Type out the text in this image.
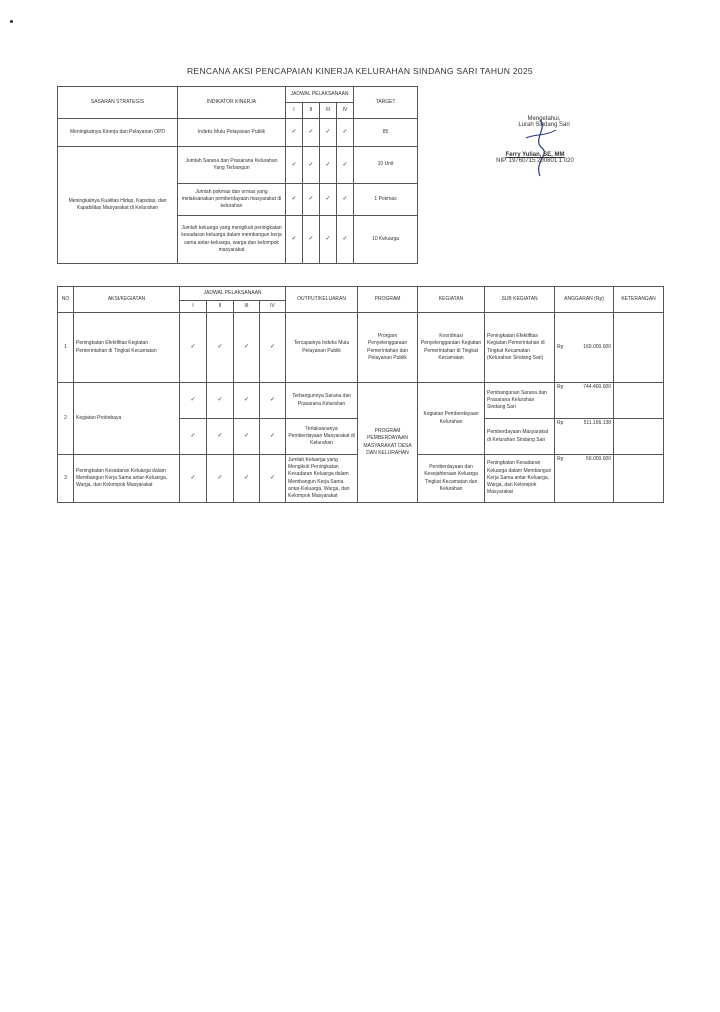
RENCANA AKSI PENCAPAIAN KINERJA KELURAHAN SINDANG SARI TAHUN 2025
SASARAN STRATEGIS	INDIKATOR KINERJA	JADWAL PELAKSANAAN				TARGET
		I	II	III	IV	
Meningkatnya Kinerja dan Pelayanan OPD	Indeks Mutu Pelayanan Publik	✓	✓	✓	✓	85
Meningkatnya Kualitas Hidup, Kapsitas, dan Kapabilitas Masyarakat di Kelurahan	Jumlah Sarana dan Prasarana Kelurahan Yang Terbangun	✓	✓	✓	✓	10 Unit
	Jumlah pokmas dan ormas yang melaksanakan pemberdayaan masyarakat di kelurahan	✓	✓	✓	✓	1 Pokmas
	Jumlah keluarga yang mengikuti peningkatan kesadaran keluarga dalam membangun kerja sama antar-keluarga, warga dan kelompok masyarakat	✓	✓	✓	✓	10 Keluarga
Mengetahui,
Lurah Sindang Sari
Ferry Yulian, SE, MM
NIP. 19760715 200801 1 020
NO	AKSI/KEGIATAN	JADWAL PELAKSANAAN				OUTPUT/KELUARAN	PROGRAM	KEGIATAN	SUB KEGIATAN	ANGGARAN (Rp)	KETERANGAN
		I	II	III	IV						
1	Peningkatan Efektifitas Kegiatan Pemerintahan di Tingkat Kecamatan	✓	✓	✓	✓	Tercapainya Indeks Mutu Pelayanan Publik	Prorgam Penyelenggaraan Pemerintahan dan Pelayanan Publik	Koordinasi Penyelenggaraan Kegiatan Pemerintahan di Tingkat Kecamatan	Peningkatan Efektifitas Kegiatan Pemerintahan di Tingkat Kecamatan (Kelurahan Sindang Sari)	Rp 160.000.000	

2	Kegiatan Probebaya	✓	✓	✓	✓	Terbangunnya Sarana dan Prasarana Kelurahan	PROGRAM PEMBERDAYAAN MASYARAKAT DESA DAN KELURAHAN	Kegiatan Pemberdayaan Kelurahan	Pembangunan Sarana dan Prasarana Kelurahan Sindang Sari	Rp 744.400.000	

		✓	✓	✓	✓	Terlaksananya Pemberdayaan Masyarakat di Kelurahan			Pemberdayaan Masyarakat di Kelurahan Sindang Sari	Rp 511.166.138	

3	Peningkatan Kesadaran Keluarga dalam Membangun Kerja Sama antar-Keluarga, Warga, dan Kelompok Masyarakat	✓	✓	✓	✓	Jumlah Keluarga yang Mengikuti Peningkatan Kesadaran Keluarga dalam Membangun Kerja Sama antar-Keluarga, Warga, dan Kelompok Masyarakat		Pemberdayaan dan Kesejahteraan Keluarga Tingkat Kecamatan dan Kelurahan	Peningkatan Kesadaran Keluarga dalam Membangun Kerja Sama antar-Keluarga, Warga, dan Kelompok Masyarakat	Rp 50.000.000	
